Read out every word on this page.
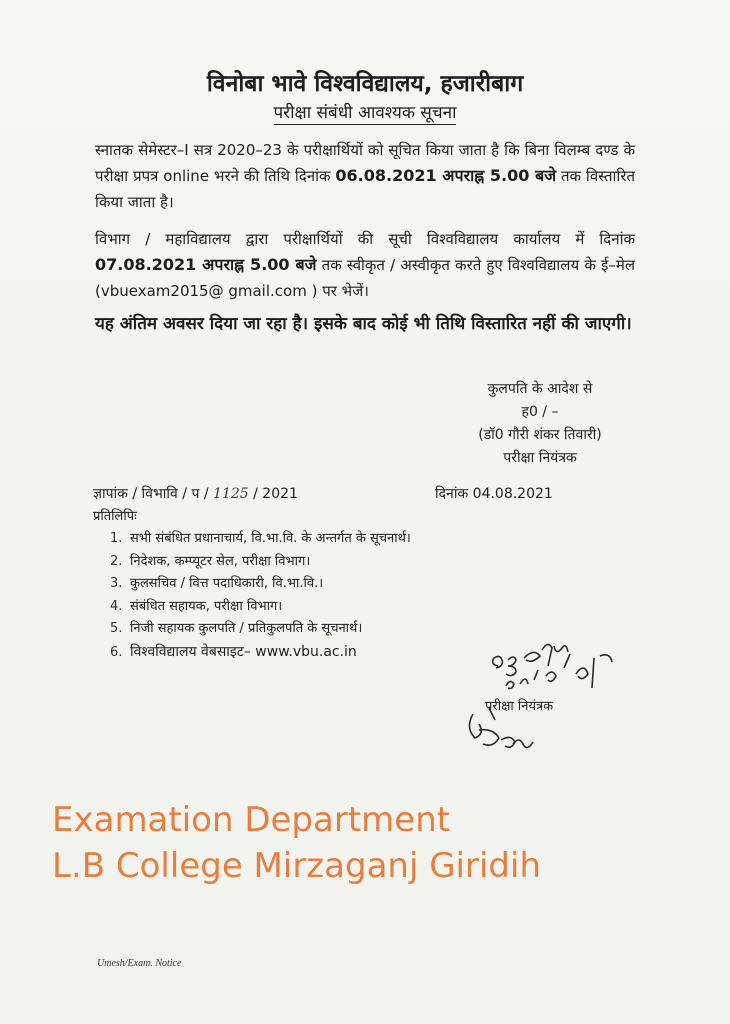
विनोबा भावे विश्वविद्यालय, हजारीबाग
परीक्षा संबंधी आवश्यक सूचना
स्नातक सेमेस्टर–I सत्र 2020–23 के परीक्षार्थियों को सूचित किया जाता है कि बिना विलम्ब दण्ड के परीक्षा प्रपत्र online भरने की तिथि दिनांक 06.08.2021 अपराह्न 5.00 बजे तक विस्तारित किया जाता है।
विभाग / महाविद्यालय द्वारा परीक्षार्थियों की सूची विश्वविद्यालय कार्यालय में दिनांक 07.08.2021 अपराह्न 5.00 बजे तक स्वीकृत / अस्वीकृत करते हुए विश्वविद्यालय के ई–मेल (vbuexam2015@ gmail.com ) पर भेजें।
यह अंतिम अवसर दिया जा रहा है। इसके बाद कोई भी तिथि विस्तारित नहीं की जाएगी।
कुलपति के आदेश से
ह0 / –
(डॉ0 गौरी शंकर तिवारी)
परीक्षा नियंत्रक
ज्ञापांक / विभावि / प / 1125 / 2021	दिनांक 04.08.2021
प्रतिलिपिः
1. सभी संबंधित प्रधानाचार्य, वि.भा.वि. के अन्तर्गत के सूचनार्थ।
2. निदेशक, कम्प्यूटर सेल, परीक्षा विभाग।
3. कुलसचिव / वित्त पदाधिकारी, वि.भा.वि.।
4. संबंधित सहायक, परीक्षा विभाग।
5. निजी सहायक कुलपति / प्रतिकुलपति के सूचनार्थ।
6. विश्वविद्यालय वेबसाइट– www.vbu.ac.in
परीक्षा नियंत्रक
Examation Department
L.B College Mirzaganj Giridih
Umesh/Exam. Notice
